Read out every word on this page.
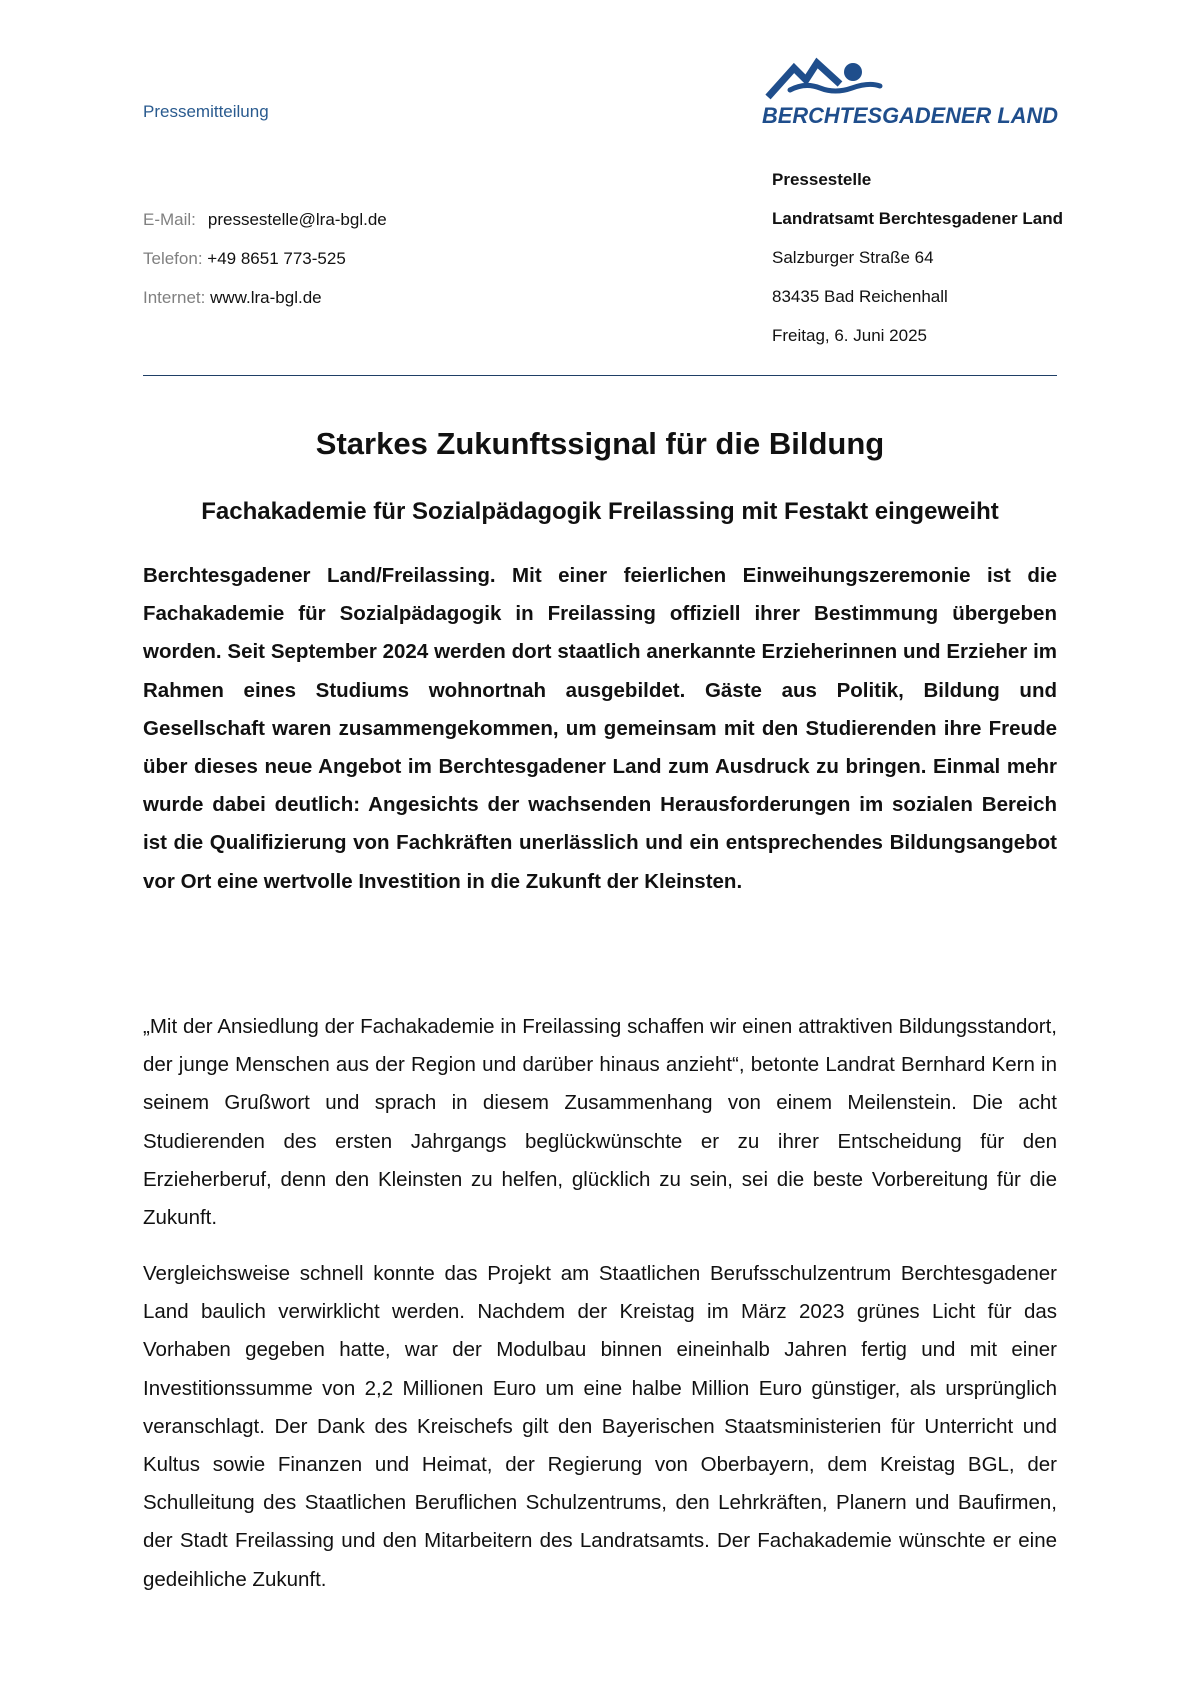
Pressemitteilung	BERCHTESGADENER LAND
E-Mail: pressestelle@lra-bgl.de
Telefon: +49 8651 773-525
Internet: www.lra-bgl.de
Pressestelle
Landratsamt Berchtesgadener Land
Salzburger Straße 64
83435 Bad Reichenhall
Freitag, 6. Juni 2025
Starkes Zukunftssignal für die Bildung
Fachakademie für Sozialpädagogik Freilassing mit Festakt eingeweiht

Berchtesgadener Land/Freilassing. Mit einer feierlichen Einweihungszeremonie ist die Fachakademie für Sozialpädagogik in Freilassing offiziell ihrer Bestimmung übergeben worden. Seit September 2024 werden dort staatlich anerkannte Erzieherinnen und Erzieher im Rahmen eines Studiums wohnortnah ausgebildet. Gäste aus Politik, Bildung und Gesellschaft waren zusammengekommen, um gemeinsam mit den Studierenden ihre Freude über dieses neue Angebot im Berchtesgadener Land zum Ausdruck zu bringen. Einmal mehr wurde dabei deutlich: Angesichts der wachsenden Herausforderungen im sozialen Bereich ist die Qualifizierung von Fachkräften unerlässlich und ein entsprechendes Bildungsangebot vor Ort eine wertvolle Investition in die Zukunft der Kleinsten.

„Mit der Ansiedlung der Fachakademie in Freilassing schaffen wir einen attraktiven Bildungsstandort, der junge Menschen aus der Region und darüber hinaus anzieht“, betonte Landrat Bernhard Kern in seinem Grußwort und sprach in diesem Zusammenhang von einem Meilenstein. Die acht Studierenden des ersten Jahrgangs beglückwünschte er zu ihrer Entscheidung für den Erzieherberuf, denn den Kleinsten zu helfen, glücklich zu sein, sei die beste Vorbereitung für die Zukunft.

Vergleichsweise schnell konnte das Projekt am Staatlichen Berufsschulzentrum Berchtesgadener Land baulich verwirklicht werden. Nachdem der Kreistag im März 2023 grünes Licht für das Vorhaben gegeben hatte, war der Modulbau binnen eineinhalb Jahren fertig und mit einer Investitionssumme von 2,2 Millionen Euro um eine halbe Million Euro günstiger, als ursprünglich veranschlagt. Der Dank des Kreischefs gilt den Bayerischen Staatsministerien für Unterricht und Kultus sowie Finanzen und Heimat, der Regierung von Oberbayern, dem Kreistag BGL, der Schulleitung des Staatlichen Beruflichen Schulzentrums, den Lehrkräften, Planern und Baufirmen, der Stadt Freilassing und den Mitarbeitern des Landratsamts. Der Fachakademie wünschte er eine gedeihliche Zukunft.
